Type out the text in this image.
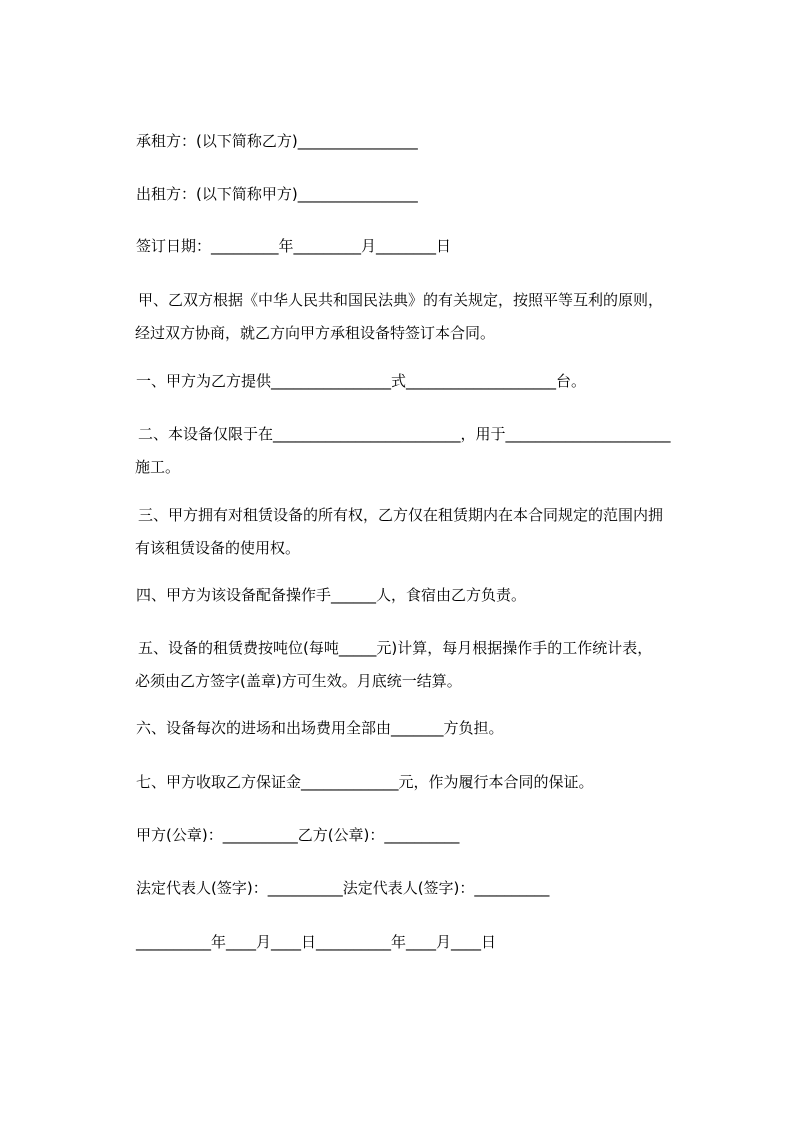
承租方：(以下简称乙方)________________
出租方：(以下简称甲方)________________
签订日期：_________年_________月________日
甲、乙双方根据《中华人民共和国民法典》的有关规定，按照平等互利的原则，
经过双方协商，就乙方向甲方承租设备特签订本合同。
一、甲方为乙方提供________________式____________________台。
二、本设备仅限于在_________________________，用于______________________
施工。
三、甲方拥有对租赁设备的所有权，乙方仅在租赁期内在本合同规定的范围内拥
有该租赁设备的使用权。
四、甲方为该设备配备操作手______人，食宿由乙方负责。
五、设备的租赁费按吨位(每吨_____元)计算，每月根据操作手的工作统计表，
必须由乙方签字(盖章)方可生效。月底统一结算。
六、设备每次的进场和出场费用全部由_______方负担。
七、甲方收取乙方保证金_____________元，作为履行本合同的保证。
甲方(公章)：__________乙方(公章)：__________
法定代表人(签字)：__________法定代表人(签字)：__________
__________年____月____日__________年____月____日
